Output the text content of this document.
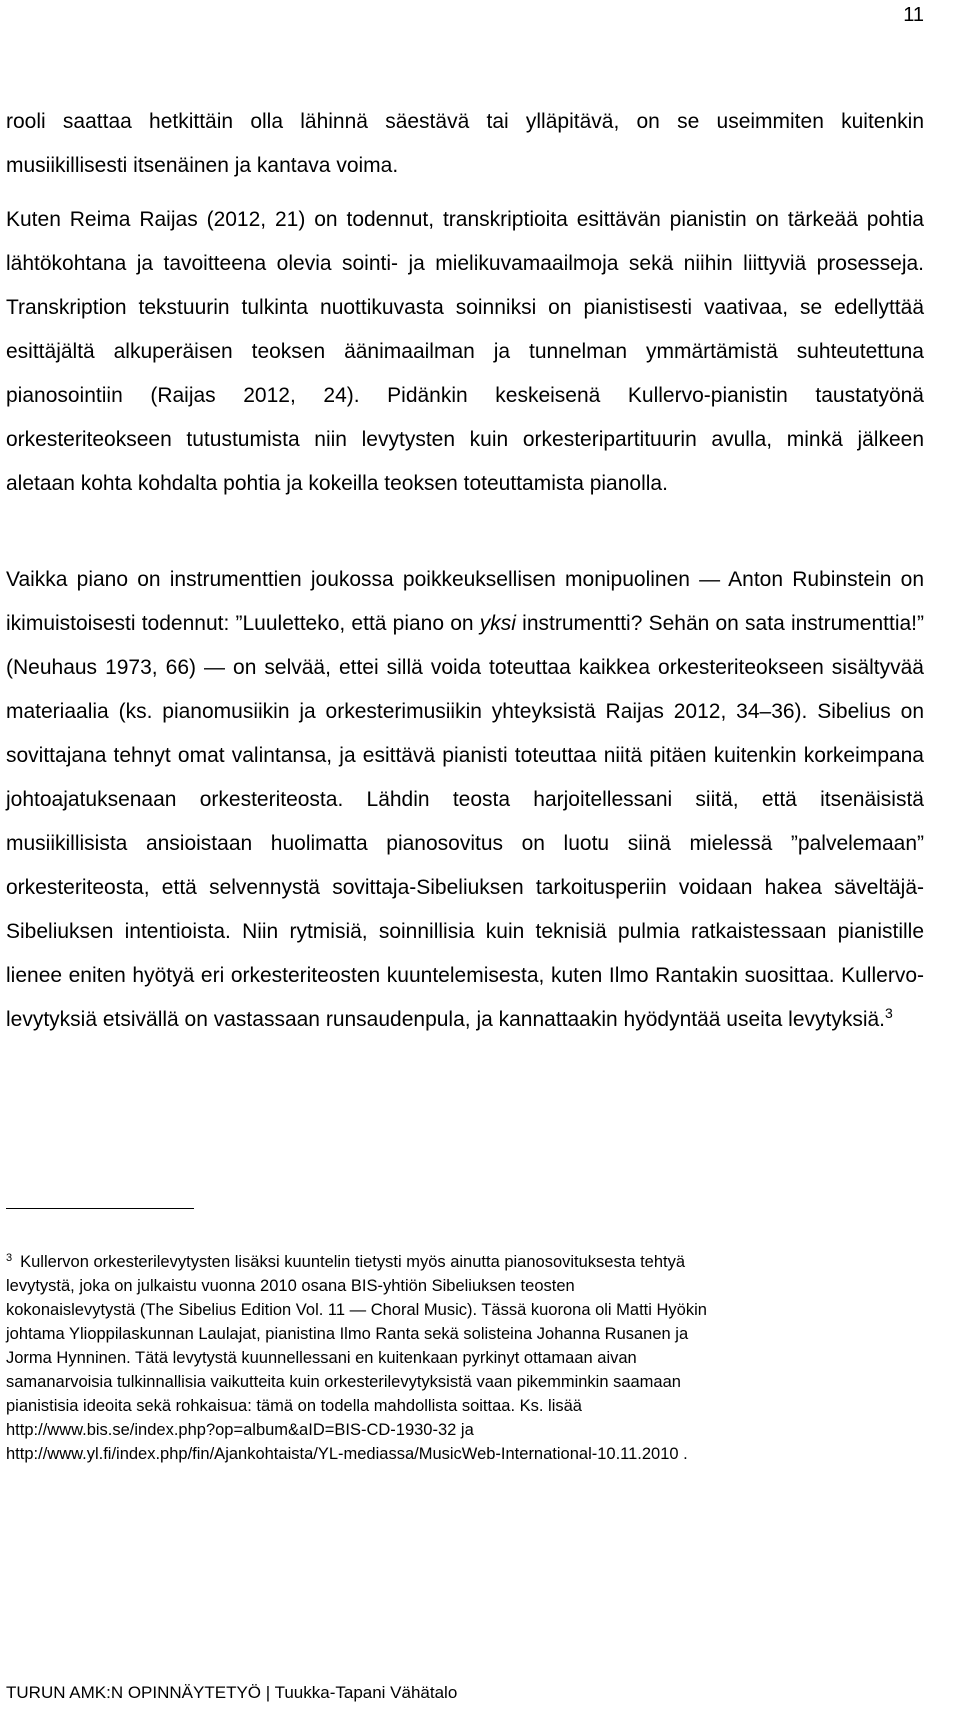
11

rooli saattaa hetkittäin olla lähinnä säestävä tai ylläpitävä, on se useimmiten kuitenkin musiikillisesti itsenäinen ja kantava voima.

Kuten Reima Raijas (2012, 21) on todennut, transkriptioita esittävän pianistin on tärkeää pohtia lähtökohtana ja tavoitteena olevia sointi- ja mielikuvamaailmoja sekä niihin liittyviä prosesseja. Transkription tekstuurin tulkinta nuottikuvasta soinniksi on pianistisesti vaativaa, se edellyttää esittäjältä alkuperäisen teoksen äänimaailman ja tunnelman ymmärtämistä suhteutettuna pianosointiin (Raijas 2012, 24). Pidänkin keskeisenä Kullervo-pianistin taustatyönä orkesteriteokseen tutustumista niin levytysten kuin orkesteripartituurin avulla, minkä jälkeen aletaan kohta kohdalta pohtia ja kokeilla teoksen toteuttamista pianolla.

Vaikka piano on instrumenttien joukossa poikkeuksellisen monipuolinen — Anton Rubinstein on ikimuistoisesti todennut: ”Luuletteko, että piano on yksi instrumentti? Sehän on sata instrumenttia!” (Neuhaus 1973, 66) — on selvää, ettei sillä voida toteuttaa kaikkea orkesteriteokseen sisältyvää materiaalia (ks. pianomusiikin ja orkesterimusiikin yhteyksistä Raijas 2012, 34–36). Sibelius on sovittajana tehnyt omat valintansa, ja esittävä pianisti toteuttaa niitä pitäen kuitenkin korkeimpana johtoajatuksenaan orkesteriteosta. Lähdin teosta harjoitellessani siitä, että itsenäisistä musiikillisista ansioistaan huolimatta pianosovitus on luotu siinä mielessä ”palvelemaan” orkesteriteosta, että selvennystä sovittaja-Sibeliuksen tarkoitusperiin voidaan hakea säveltäjä-Sibeliuksen intentioista. Niin rytmisiä, soinnillisia kuin teknisiä pulmia ratkaistessaan pianistille lienee eniten hyötyä eri orkesteriteosten kuuntelemisesta, kuten Ilmo Rantakin suosittaa. Kullervo-levytyksiä etsivällä on vastassaan runsaudenpula, ja kannattaakin hyödyntää useita levytyksiä.$^3$

$^3$ Kullervon orkesterilevytysten lisäksi kuuntelin tietysti myös ainutta pianosovituksesta tehtyä
levytystä, joka on julkaistu vuonna 2010 osana BIS-yhtiön Sibeliuksen teosten
kokonaislevytystä (The Sibelius Edition Vol. 11 — Choral Music). Tässä kuorona oli Matti Hyökin
johtama Ylioppilaskunnan Laulajat, pianistina Ilmo Ranta sekä solisteina Johanna Rusanen ja
Jorma Hynninen. Tätä levytystä kuunnellessani en kuitenkaan pyrkinyt ottamaan aivan
samanarvoisia tulkinnallisia vaikutteita kuin orkesterilevytyksistä vaan pikemminkin saamaan
pianistisia ideoita sekä rohkaisua: tämä on todella mahdollista soittaa. Ks. lisää
http://www.bis.se/index.php?op=album&aID=BIS-CD-1930-32 ja
http://www.yl.fi/index.php/fin/Ajankohtaista/YL-mediassa/MusicWeb-International-10.11.2010 .
TURUN AMK:N OPINNÄYTETYÖ | Tuukka-Tapani Vähätalo
